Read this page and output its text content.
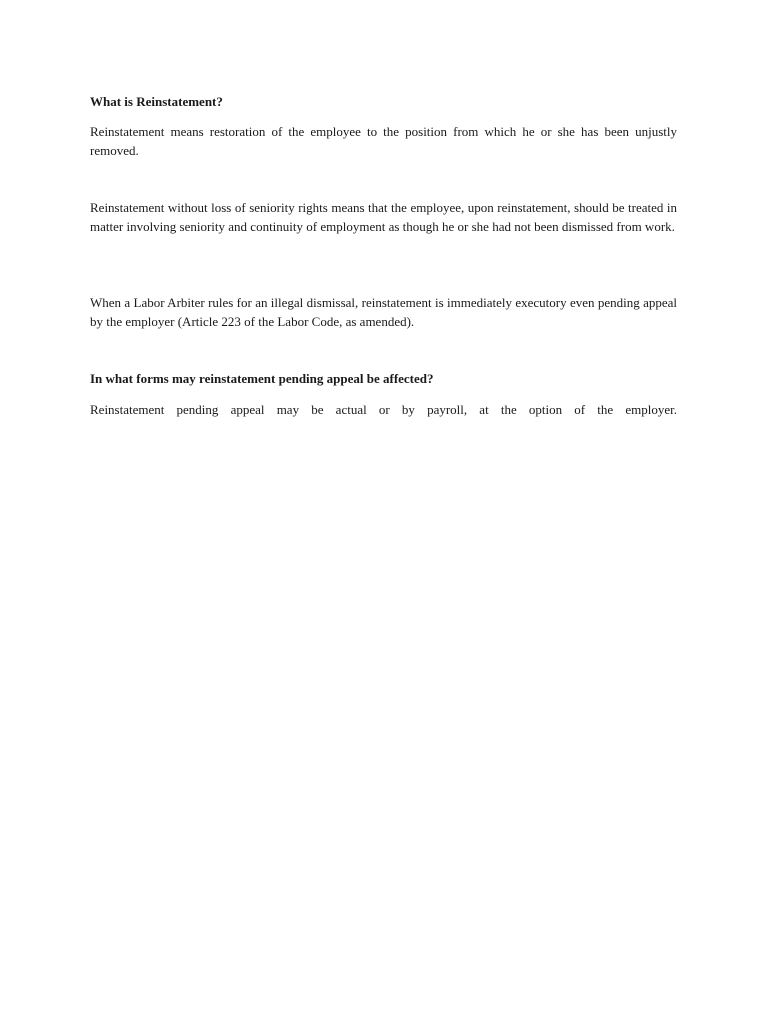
What is Reinstatement?

Reinstatement means restoration of the employee to the position from which he or she has been unjustly removed.

Reinstatement without loss of seniority rights means that the employee, upon reinstatement, should be treated in matter involving seniority and continuity of employment as though he or she had not been dismissed from work.

When a Labor Arbiter rules for an illegal dismissal, reinstatement is immediately executory even pending appeal by the employer (Article 223 of the Labor Code, as amended).

In what forms may reinstatement pending appeal be affected?

Reinstatement pending appeal may be actual or by payroll, at the option of the employer.
